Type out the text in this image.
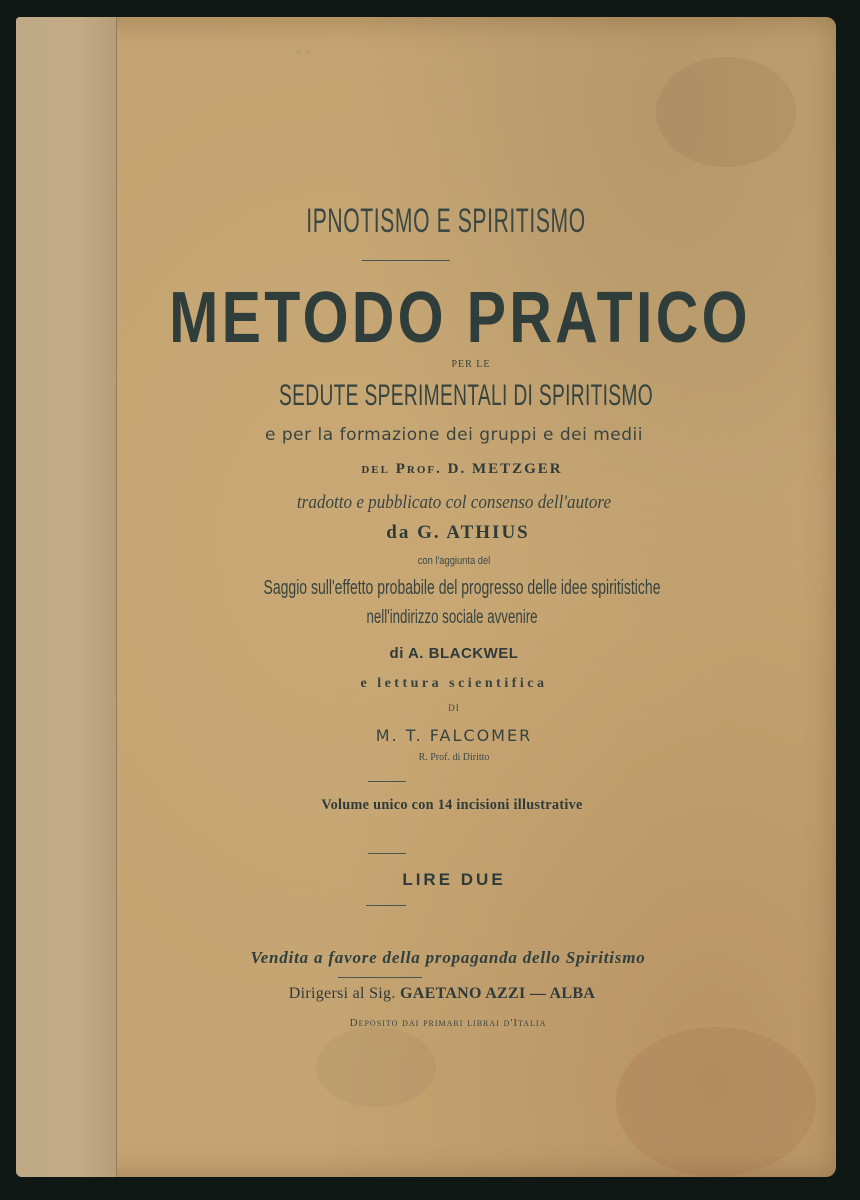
≈ ≈
IPNOTISMO E SPIRITISMO
METODO PRATICO
PER LE
SEDUTE SPERIMENTALI DI SPIRITISMO
e per la formazione dei gruppi e dei medii
del Prof. D. METZGER
tradotto e pubblicato col consenso dell'autore
da G. ATHIUS
con l'aggiunta del
Saggio sull'effetto probabile del progresso delle idee spiritistiche
nell'indirizzo sociale avvenire
di A. BLACKWEL
e lettura scientifica
DI
M. T. FALCOMER
R. Prof. di Diritto
Volume unico con 14 incisioni illustrative
LIRE DUE
Vendita a favore della propaganda dello Spiritismo
Dirigersi al Sig. GAETANO AZZI — ALBA
Deposito dai primari librai d'Italia
